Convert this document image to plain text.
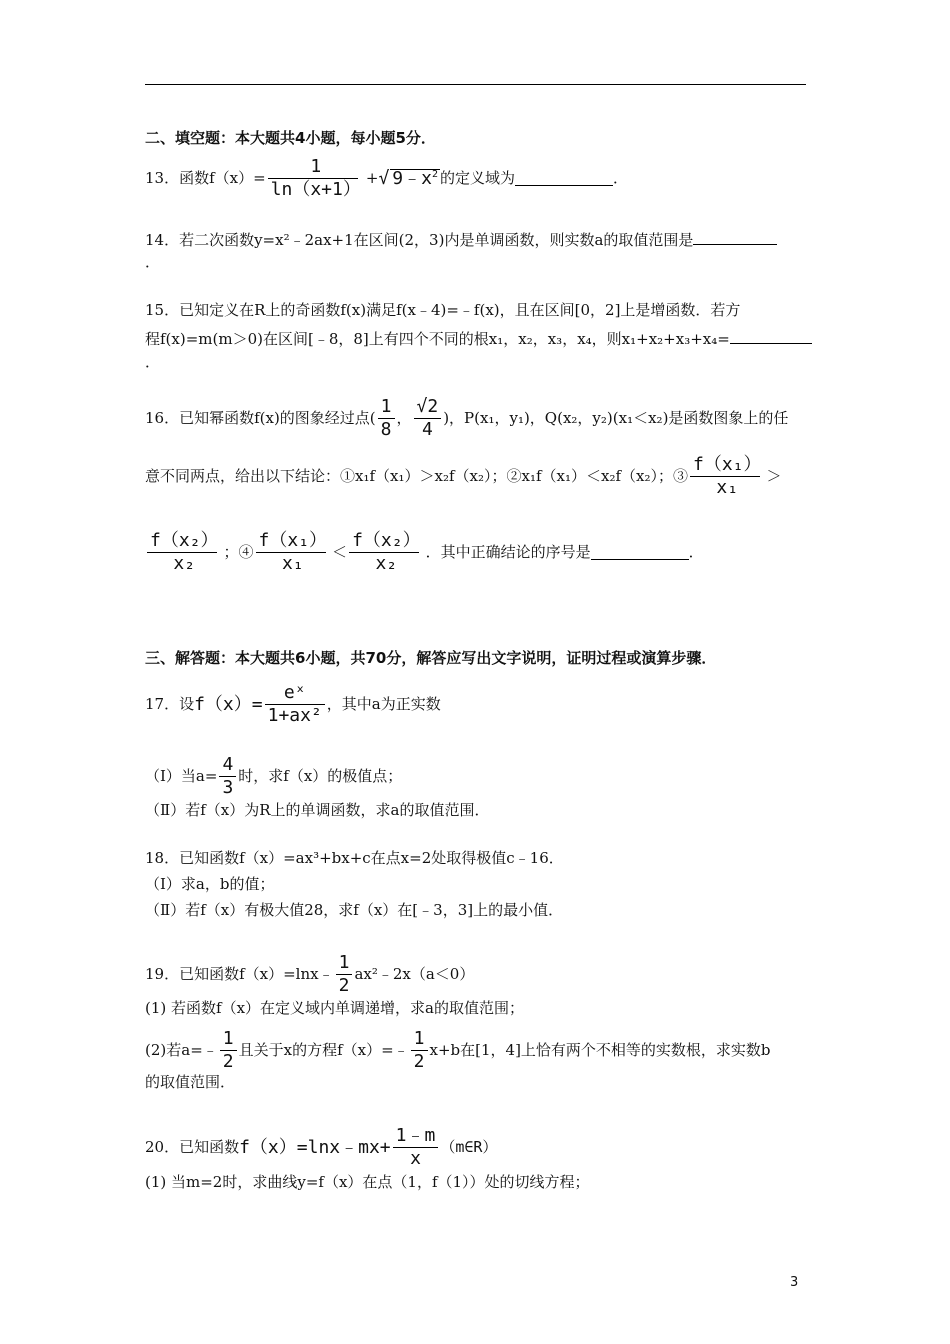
二、填空题：本大题共4小题，每小题5分．
13．函数$f(x)= \frac{1}{\ln(x+1)}$ + √ $9﹣x^2$ 的定义域为	．
14．若二次函数y=x²﹣2ax+1在区间(2，3)内是单调函数，则实数a的取值范围是
．
15．已知定义在R上的奇函数f(x)满足f(x﹣4)=﹣f(x)，且在区间[0，2]上是增函数．若方
程f(x)=m(m＞0)在区间[﹣8，8]上有四个不同的根x₁，x₂，x₃，x₄，则x₁+x₂+x₃+x₄=
．
16．已知幂函数f(x)的图象经过点( $\frac{1}{8}$ ， $\frac{√2}{4}$ )，P(x₁，y₁)，Q(x₂，y₂)(x₁＜x₂)是函数图象上的任
意不同两点，给出以下结论：①x₁f（x₁）＞x₂f（x₂）；②x₁f（x₁）＜x₂f（x₂）；③ $\frac{\text{f（x₁）}}{\text{x₁}}$ ＞
$\frac{\text{f（x₂）}}{\text{x₂}}$ ；④ $\frac{\text{f（x₁）}}{\text{x₁}} < \frac{\text{f（x₂）}}{\text{x₂}}$ ．其中正确结论的序号是	．
三、解答题：本大题共6小题，共70分，解答应写出文字说明，证明过程或演算步骤．
17．设 $f(x)= \frac{\text{eˣ}}{\text{1+ax²}}$ ，其中a为正实数
（Ⅰ）当$a= \frac{4}{3}$ 时，求f（x）的极值点；
（Ⅱ）若f（x）为R上的单调函数，求a的取值范围．
18．已知函数f（x）=ax³+bx+c在点x=2处取得极值c﹣16．
（Ⅰ）求a，b的值；
（Ⅱ）若f（x）有极大值28，求f（x）在[﹣3，3]上的最小值．
19．已知函数f（x）=lnx﹣ $\frac{1}{2}$ ax²﹣2x（a＜0）
(1) 若函数f（x）在定义域内单调递增，求a的取值范围；
(2)若a=﹣ $\frac{1}{2}$ 且关于x的方程f（x）=﹣ $\frac{1}{2} x+b$在[1，4]上恰有两个不相等的实数根，求实数b
的取值范围．
20．已知函数 f（x）=lnx﹣mx+ $\frac{1﹣m}{x}$ （m∈R）
(1) 当m=2时，求曲线y=f（x）在点（1，f（1））处的切线方程；
3
